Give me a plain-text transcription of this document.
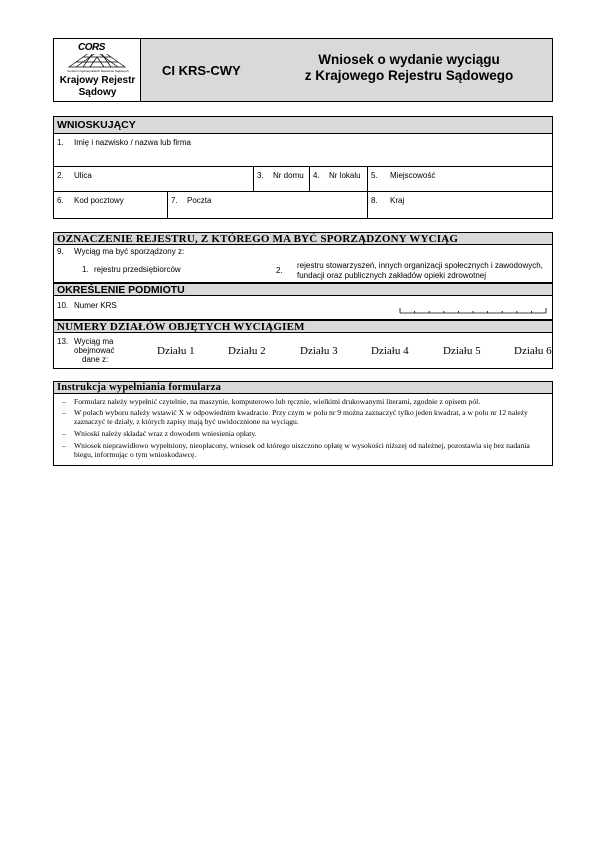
CORS
Centrum Ogólnopolskich Rejestrów Sądowych
Krajowy Rejestr
Sądowy
CI KRS-CWY
Wniosek o wydanie wyciągu
z Krajowego Rejestru Sądowego
WNIOSKUJĄCY
1. Imię i nazwisko / nazwa lub firma
2. Ulica	3. Nr domu 4. Nr lokalu 5. Miejscowość
6. Kod pocztowy	7. Poczta	8. Kraj
OZNACZENIE REJESTRU, Z KTÓREGO MA BYĆ SPORZĄDZONY WYCIĄG
9. Wyciąg ma być sporządzony z:
1. rejestru przedsiębiorców	2.
rejestru stowarzyszeń, innych organizacji społecznych i zawodowych,
fundacji oraz publicznych zakładów opieki zdrowotnej
OKREŚLENIE PODMIOTU
10. Numer KRS
NUMERY DZIAŁÓW OBJĘTYCH WYCIĄGIEM
13. Wyciąg ma
obejmować
dane z:
Działu 1	Działu 2	Działu 3	Działu 4	Działu 5	Działu 6
Instrukcja wypełniania formularza
– Formularz należy wypełnić czytelnie, na maszynie, komputerowo lub ręcznie, wielkimi drukowanymi literami, zgodnie z opisem pól.
– W polach wyboru należy wstawić X w odpowiednim kwadracie. Przy czym w polu nr 9 można zaznaczyć tylko jeden kwadrat, a w polu nr 12 należy zaznaczyć te działy, z których zapisy mają być uwidocznione na wyciągu.
– Wnioski należy składać wraz z dowodem wniesienia opłaty.
– Wniosek nieprawidłowo wypełniony, nieopłacony, wniosek od którego uiszczono opłatę w wysokości niższej od należnej, pozostawia się bez nadania biegu, informując o tym wnioskodawcę.
